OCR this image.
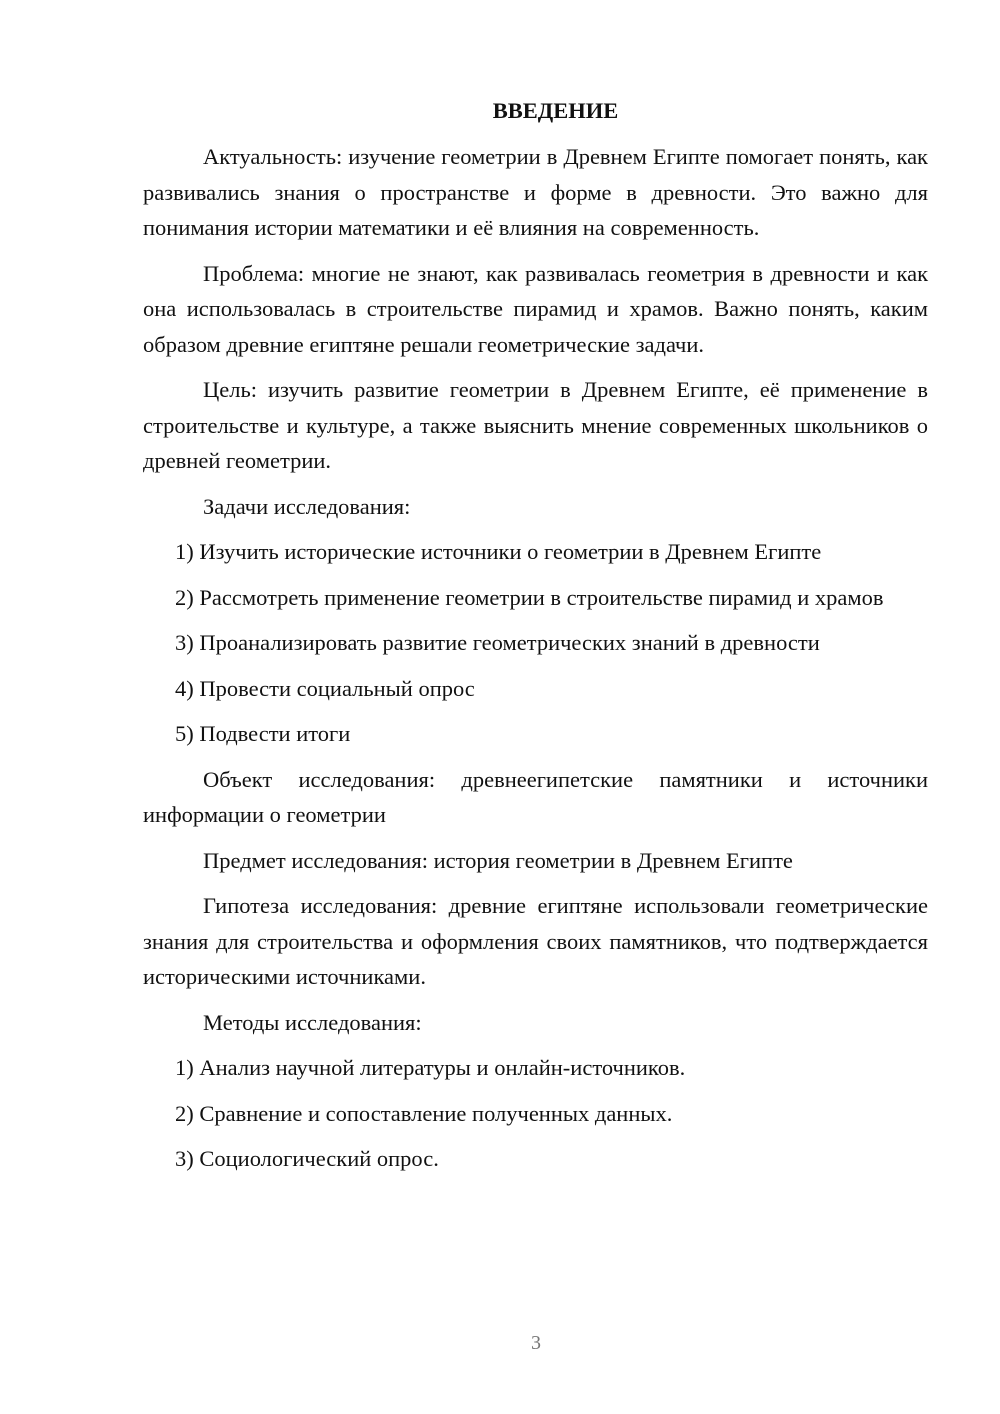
ВВЕДЕНИЕ

Актуальность: изучение геометрии в Древнем Египте помогает понять, как развивались знания о пространстве и форме в древности. Это важно для понимания истории математики и её влияния на современность.

Проблема: многие не знают, как развивалась геометрия в древности и как она использовалась в строительстве пирамид и храмов. Важно понять, каким образом древние египтяне решали геометрические задачи.

Цель: изучить развитие геометрии в Древнем Египте, её применение в строительстве и культуре, а также выяснить мнение современных школьников о древней геометрии.

Задачи исследования:

1) Изучить исторические источники о геометрии в Древнем Египте

2) Рассмотреть применение геометрии в строительстве пирамид и храмов

3) Проанализировать развитие геометрических знаний в древности

4) Провести социальный опрос

5) Подвести итоги

Объект исследования: древнеегипетские памятники и источники информации о геометрии

Предмет исследования: история геометрии в Древнем Египте

Гипотеза исследования: древние египтяне использовали геометрические знания для строительства и оформления своих памятников, что подтверждается историческими источниками.

Методы исследования:

1) Анализ научной литературы и онлайн-источников.

2) Сравнение и сопоставление полученных данных.

3) Социологический опрос.

3
